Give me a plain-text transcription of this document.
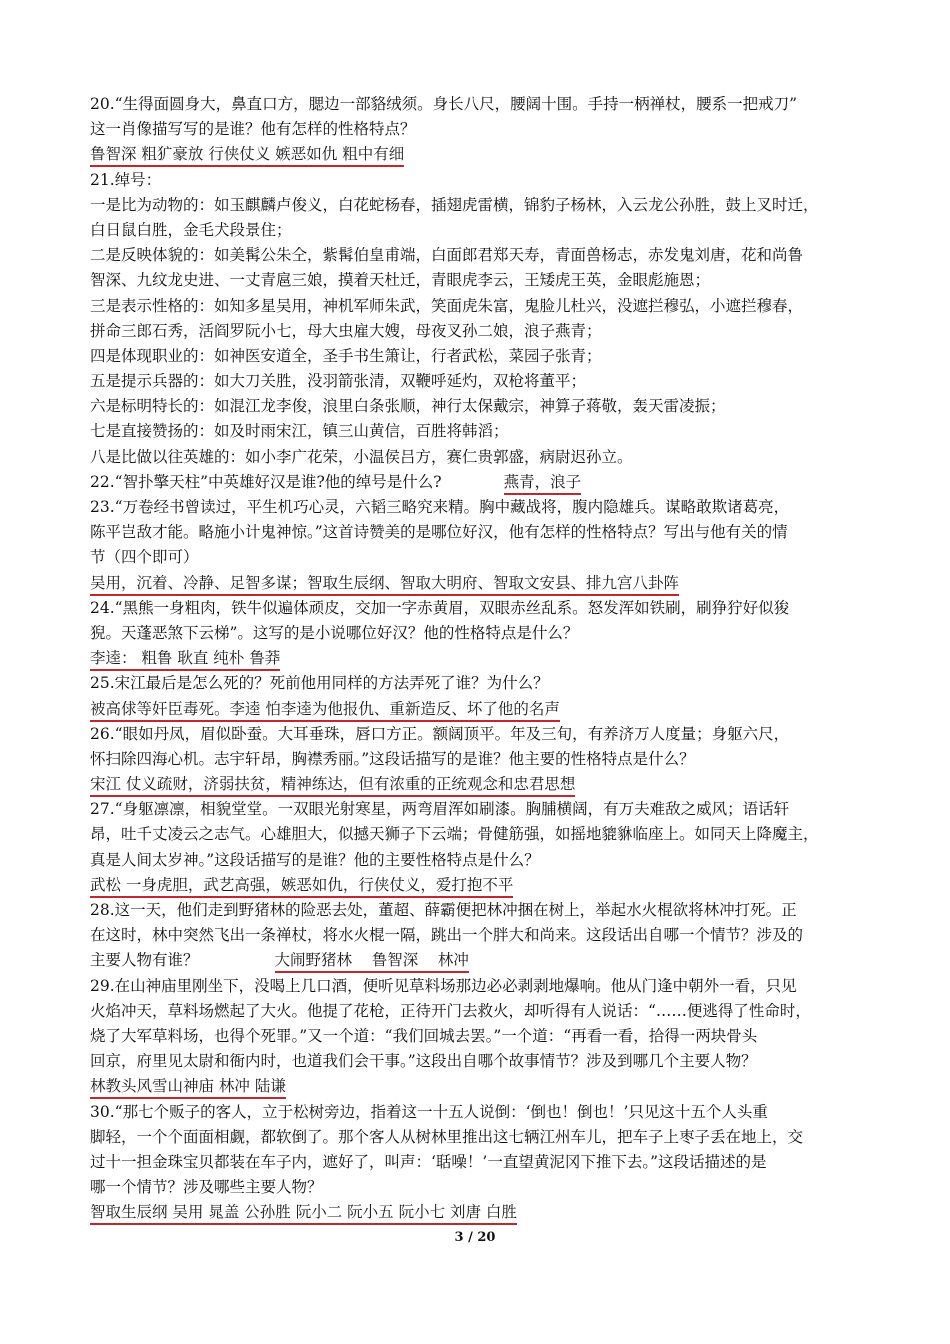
20.“生得面圆身大，鼻直口方，腮边一部貉绒须。身长八尺，腰阔十围。手持一柄禅杖，腰系一把戒刀”
这一肖像描写写的是谁？他有怎样的性格特点？
鲁智深 粗犷豪放 行侠仗义 嫉恶如仇 粗中有细
21.绰号：
一是比为动物的：如玉麒麟卢俊义，白花蛇杨春，插翅虎雷横，锦豹子杨林，入云龙公孙胜，鼓上叉时迁，
白日鼠白胜，金毛犬段景住；
二是反映体貌的：如美髯公朱仝，紫髯伯皇甫端，白面郎君郑天寿，青面兽杨志，赤发鬼刘唐，花和尚鲁
智深、九纹龙史进、一丈青扈三娘，摸着天杜迁，青眼虎李云，王矮虎王英，金眼彪施恩；
三是表示性格的：如知多星吴用，神机军师朱武，笑面虎朱富，鬼脸儿杜兴，没遮拦穆弘，小遮拦穆春，
拼命三郎石秀，活阎罗阮小七，母大虫雇大嫂，母夜叉孙二娘，浪子燕青；
四是体现职业的：如神医安道全，圣手书生箫让，行者武松，菜园子张青；
五是提示兵器的：如大刀关胜，没羽箭张清，双鞭呼延灼，双枪将董平；
六是标明特长的：如混江龙李俊，浪里白条张顺，神行太保戴宗，神算子蒋敬，轰天雷凌振；
七是直接赞扬的：如及时雨宋江，镇三山黄信，百胜将韩滔；
八是比做以往英雄的：如小李广花荣，小温侯吕方，赛仁贵郭盛，病尉迟孙立。
22.“智扑擎天柱”中英雄好汉是谁?他的绰号是什么?	燕青，浪子
23.“万卷经书曾读过，平生机巧心灵，六韬三略究来精。胸中藏战将，腹内隐雄兵。谋略敢欺诸葛亮，
陈平岂敌才能。略施小计鬼神惊。”这首诗赞美的是哪位好汉，他有怎样的性格特点？写出与他有关的情
节（四个即可）
吴用，沉着、冷静、足智多谋；智取生辰纲、智取大明府、智取文安县、排九宫八卦阵
24.“黑熊一身粗肉，铁牛似遍体顽皮，交加一字赤黄眉，双眼赤丝乱系。怒发浑如铁刷，刷狰狞好似狻
猊。天蓬恶煞下云梯”。这写的是小说哪位好汉？他的性格特点是什么？
李逵： 粗鲁 耿直 纯朴 鲁莽
25.宋江最后是怎么死的？死前他用同样的方法弄死了谁？为什么？
被高俅等奸臣毒死。李逵 怕李逵为他报仇、重新造反、坏了他的名声
26.“眼如丹凤，眉似卧蚕。大耳垂珠，唇口方正。额阔顶平。年及三旬，有养济万人度量；身躯六尺，
怀扫除四海心机。志宇轩昂，胸襟秀丽。”这段话描写的是谁？他主要的性格特点是什么？
宋江 仗义疏财，济弱扶贫，精神练达，但有浓重的正统观念和忠君思想
27.“身躯凛凛，相貌堂堂。一双眼光射寒星，两弯眉浑如刷漆。胸脯横阔，有万夫难敌之威风；语话轩
昂，吐千丈凌云之志气。心雄胆大，似撼天狮子下云端；骨健筋强，如摇地貔貅临座上。如同天上降魔主，
真是人间太岁神。”这段话描写的是谁？他的主要性格特点是什么？
武松 一身虎胆，武艺高强，嫉恶如仇，行侠仗义，爱打抱不平
28.这一天，他们走到野猪林的险恶去处，董超、薛霸便把林冲捆在树上，举起水火棍欲将林冲打死。正
在这时，林中突然飞出一条禅杖，将水火棍一隔，跳出一个胖大和尚来。这段话出自哪一个情节？涉及的
主要人物有谁？	大闹野猪林    鲁智深    林冲
29.在山神庙里刚坐下，没喝上几口酒，便听见草料场那边必必剥剥地爆响。他从门逢中朝外一看，只见
火焰冲天，草料场燃起了大火。他提了花枪，正待开门去救火，却听得有人说话：“……便逃得了性命时，
烧了大军草料场，也得个死罪。”又一个道：“我们回城去罢。”一个道：“再看一看，拾得一两块骨头
回京，府里见太尉和衙内时，也道我们会干事。”这段出自哪个故事情节？涉及到哪几个主要人物？
林教头风雪山神庙 林冲 陆谦
30.“那七个贩子的客人，立于松树旁边，指着这一十五人说倒：‘倒也！倒也！’只见这十五个人头重
脚轻，一个个面面相觑，都软倒了。那个客人从树林里推出这七辆江州车儿，把车子上枣子丢在地上，交
过十一担金珠宝贝都装在车子内，遮好了，叫声：‘聒噪！’一直望黄泥冈下推下去。”这段话描述的是
哪一个情节？涉及哪些主要人物？
智取生辰纲 吴用 晁盖 公孙胜 阮小二 阮小五 阮小七 刘唐 白胜
3 / 20
